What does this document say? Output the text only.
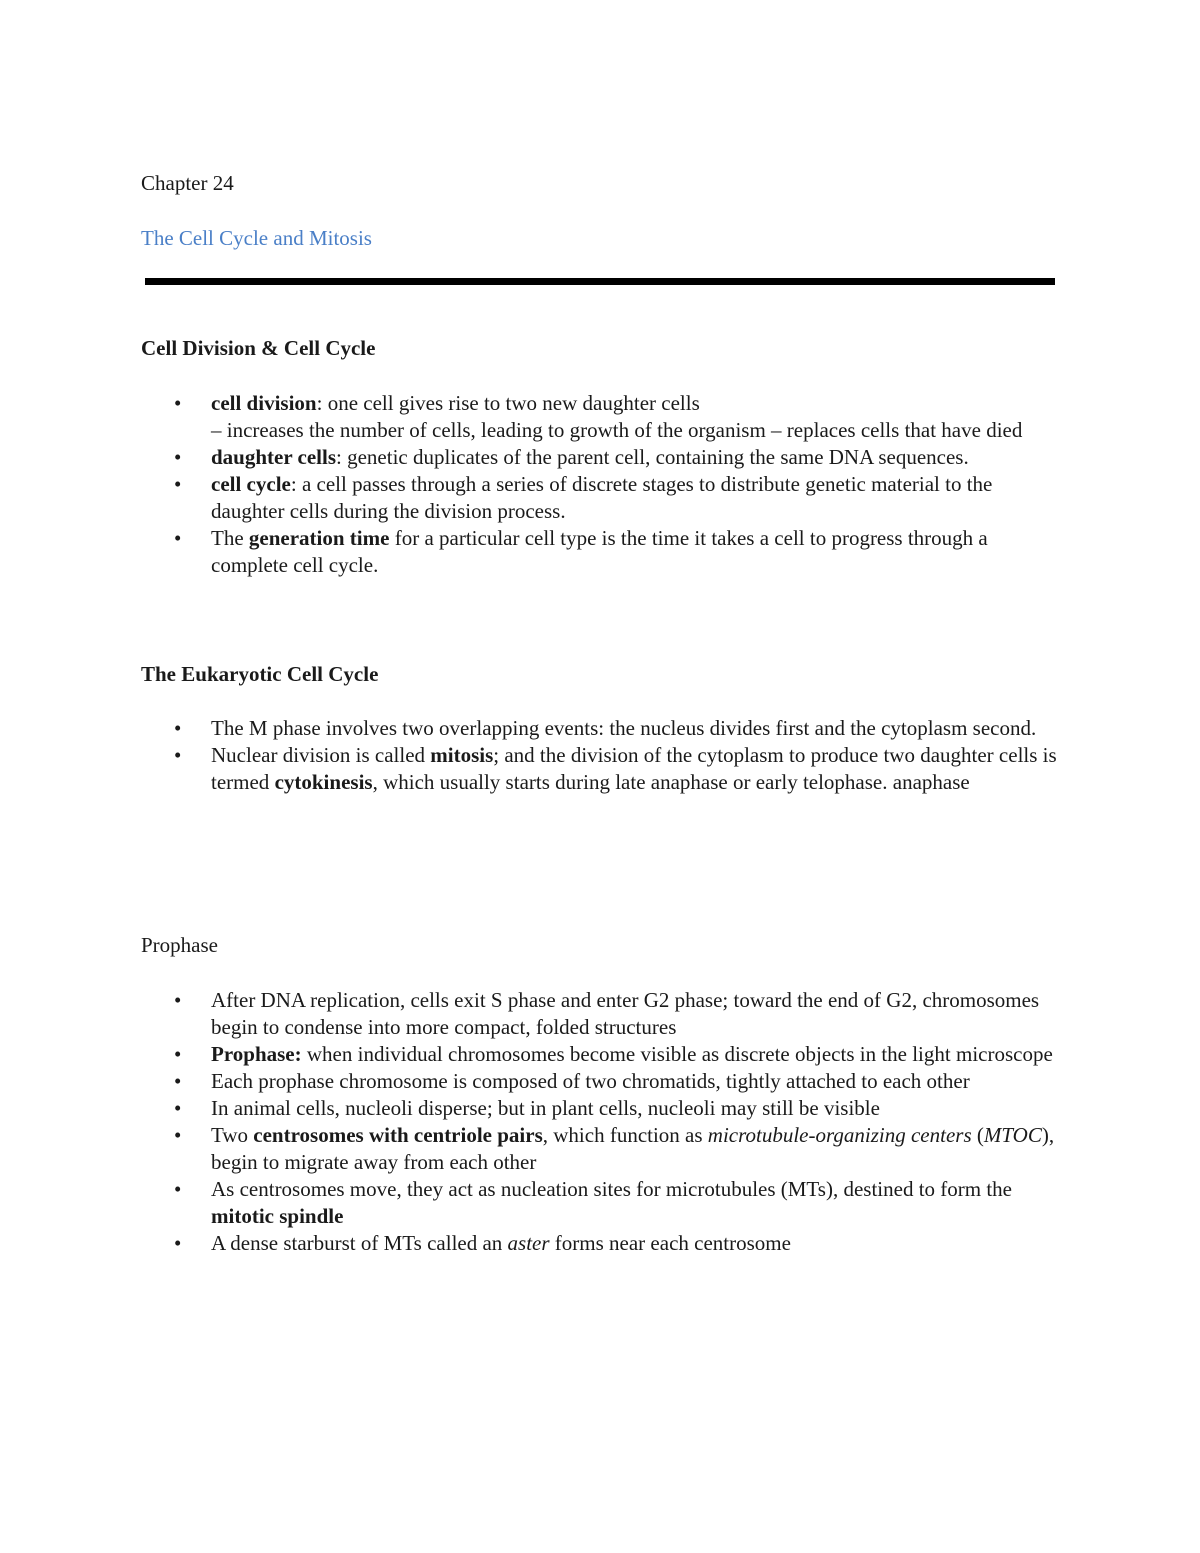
Chapter 24
The Cell Cycle and Mitosis
Cell Division & Cell Cycle
• cell division: one cell gives rise to two new daughter cells
– increases the number of cells, leading to growth of the organism – replaces cells that have died
• daughter cells: genetic duplicates of the parent cell, containing the same DNA sequences.
• cell cycle: a cell passes through a series of discrete stages to distribute genetic material to the daughter cells during the division process.
• The generation time for a particular cell type is the time it takes a cell to progress through a complete cell cycle.
The Eukaryotic Cell Cycle
• The M phase involves two overlapping events: the nucleus divides first and the cytoplasm second.
• Nuclear division is called mitosis; and the division of the cytoplasm to produce two daughter cells is termed cytokinesis, which usually starts during late anaphase or early telophase. anaphase
Prophase
• After DNA replication, cells exit S phase and enter G2 phase; toward the end of G2, chromosomes begin to condense into more compact, folded structures
• Prophase: when individual chromosomes become visible as discrete objects in the light microscope
• Each prophase chromosome is composed of two chromatids, tightly attached to each other
• In animal cells, nucleoli disperse; but in plant cells, nucleoli may still be visible
• Two centrosomes with centriole pairs, which function as microtubule-organizing centers (MTOC), begin to migrate away from each other
• As centrosomes move, they act as nucleation sites for microtubules (MTs), destined to form the mitotic spindle
• A dense starburst of MTs called an aster forms near each centrosome
